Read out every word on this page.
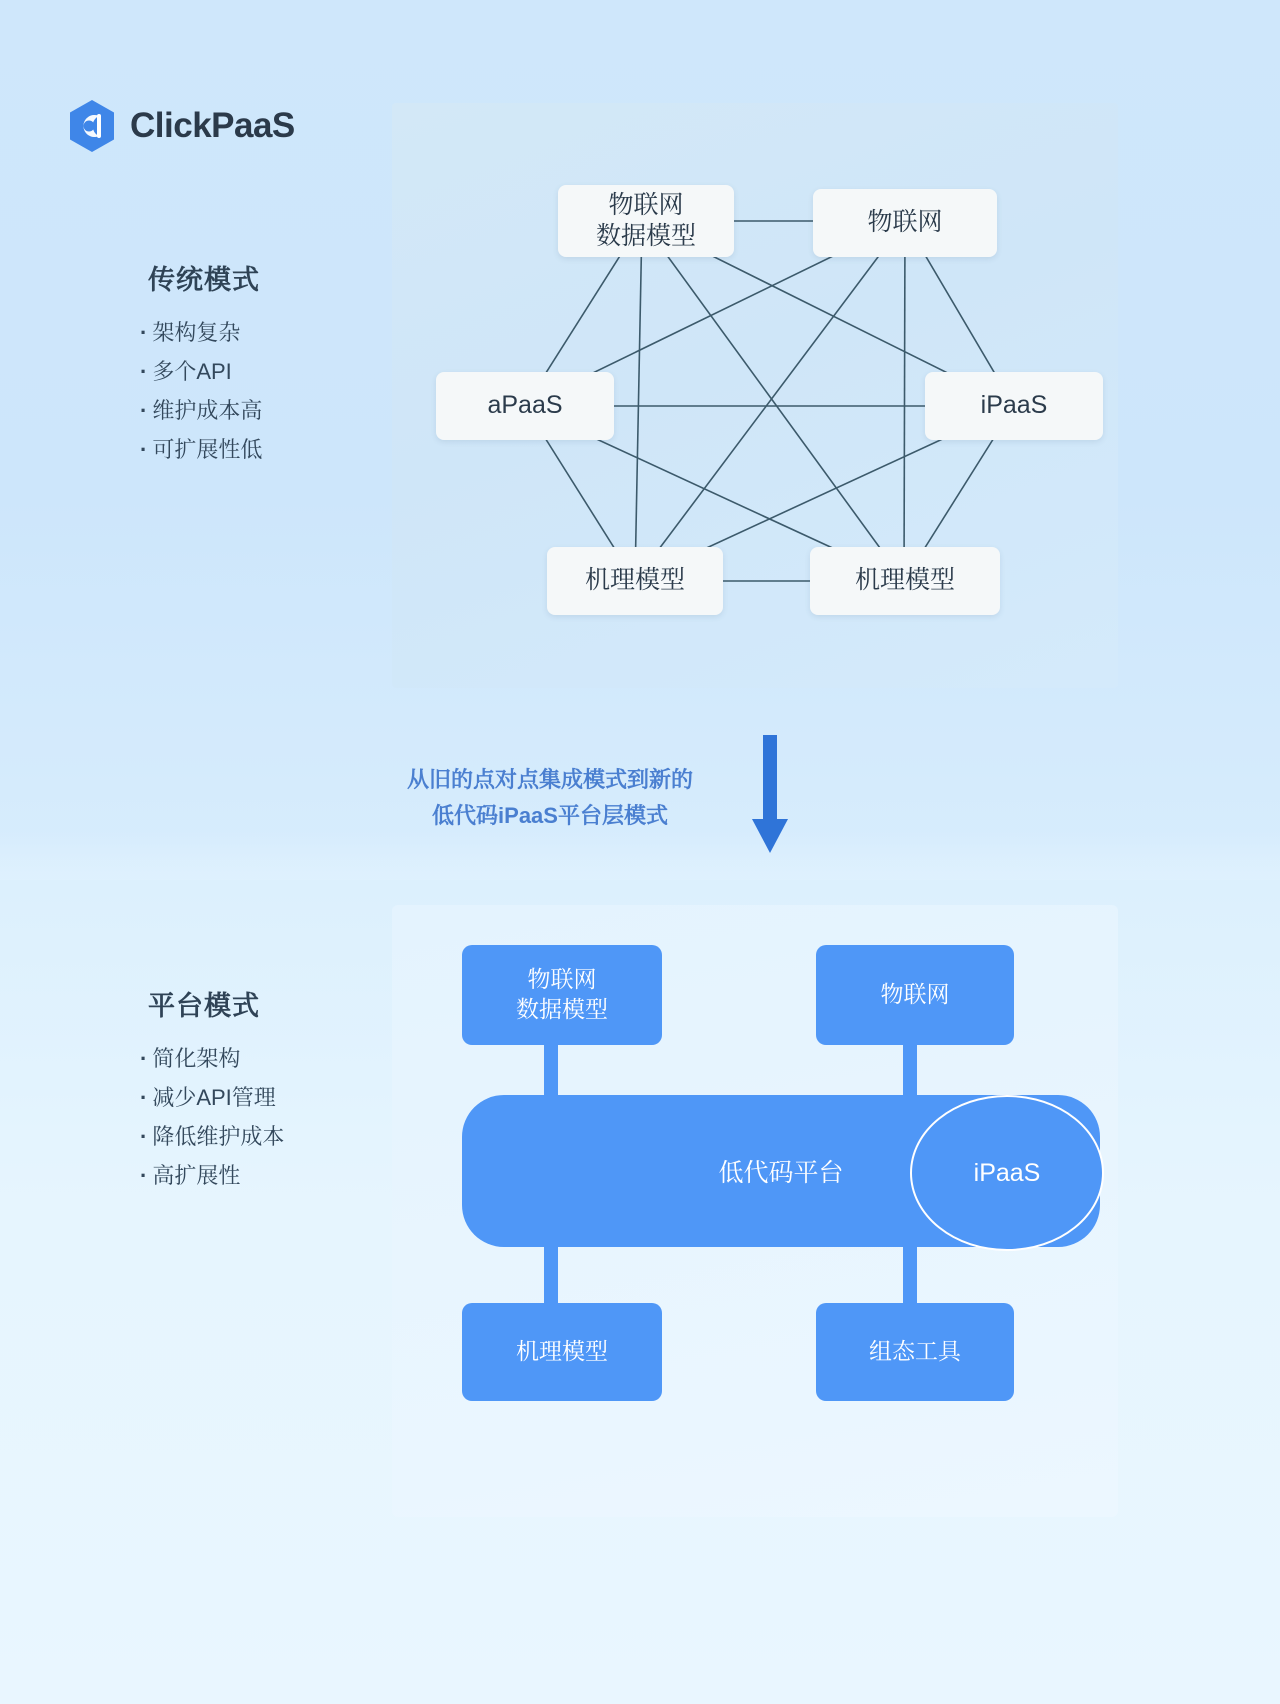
ClickPaaS
传统模式
· 架构复杂
· 多个API
· 维护成本高
· 可扩展性低
物联网
数据模型	物联网
aPaaS	iPaaS
机理模型	机理模型
从旧的点对点集成模式到新的
低代码iPaaS平台层模式
平台模式
· 简化架构
· 减少API管理
· 降低维护成本
· 高扩展性
物联网
数据模型
物联网
低代码平台	iPaaS
机理模型	组态工具
